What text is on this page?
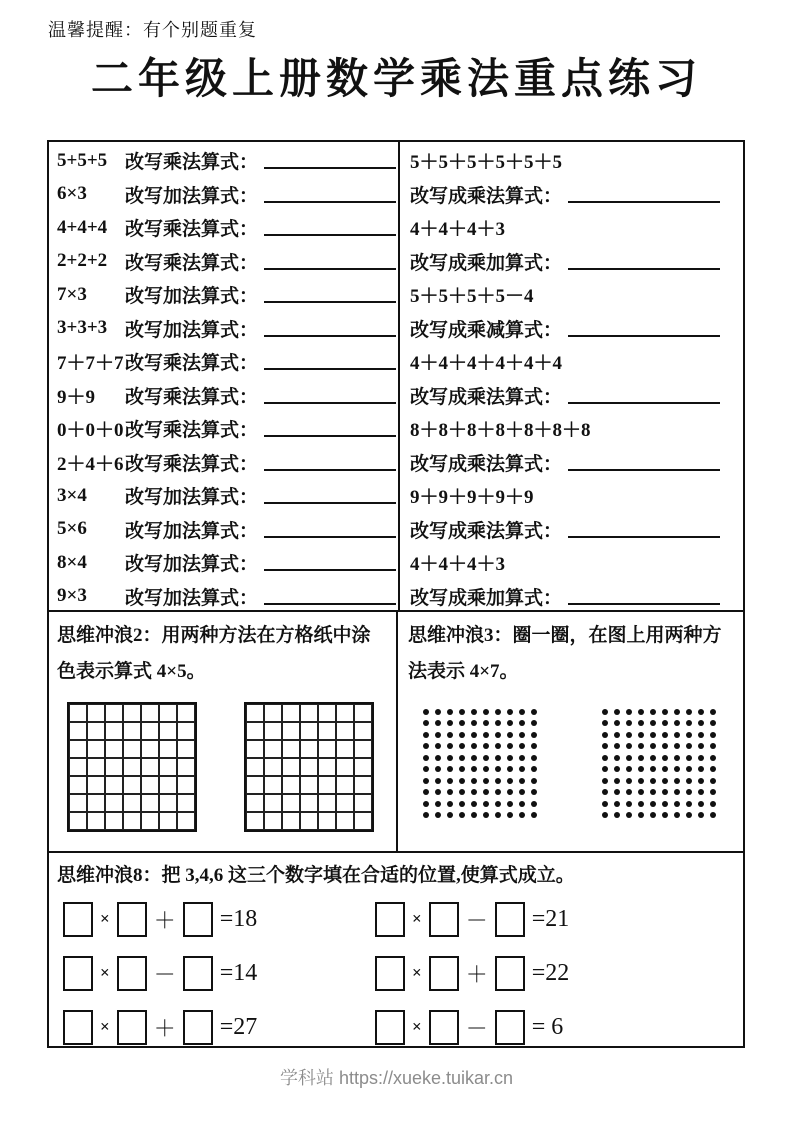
温馨提醒：有个别题重复
二年级上册数学乘法重点练习
5+5+5 改写乘法算式：
6×3	改写加法算式：
4+4+4 改写乘法算式：
2+2+2 改写乘法算式：
7×3	改写加法算式：
3+3+3 改写加法算式：
7＋7＋7 改写乘法算式：
9＋9	改写乘法算式：
0＋0＋0 改写乘法算式：
2＋4＋6 改写乘法算式：
3×4	改写加法算式：
5×6	改写加法算式：
8×4	改写加法算式：
9×3	改写加法算式：
5＋5＋5＋5＋5＋5
改写成乘法算式：
4＋4＋4＋3
改写成乘加算式：
5＋5＋5＋5－4
改写成乘减算式：
4＋4＋4＋4＋4＋4
改写成乘法算式：
8＋8＋8＋8＋8＋8＋8
改写成乘法算式：
9＋9＋9＋9＋9
改写成乘法算式：
4＋4＋4＋3
改写成乘加算式：
思维冲浪2：用两种方法在方格纸中涂色表示算式 4×5。
思维冲浪3：圈一圈，在图上用两种方法表示 4×7。
思维冲浪8：把 3,4,6 这三个数字填在合适的位置,使算式成立。
× ＋ =18
× － =14
× ＋ =27
× － =21
× ＋ =22
× － = 6
学科站 https://xueke.tuikar.cn
